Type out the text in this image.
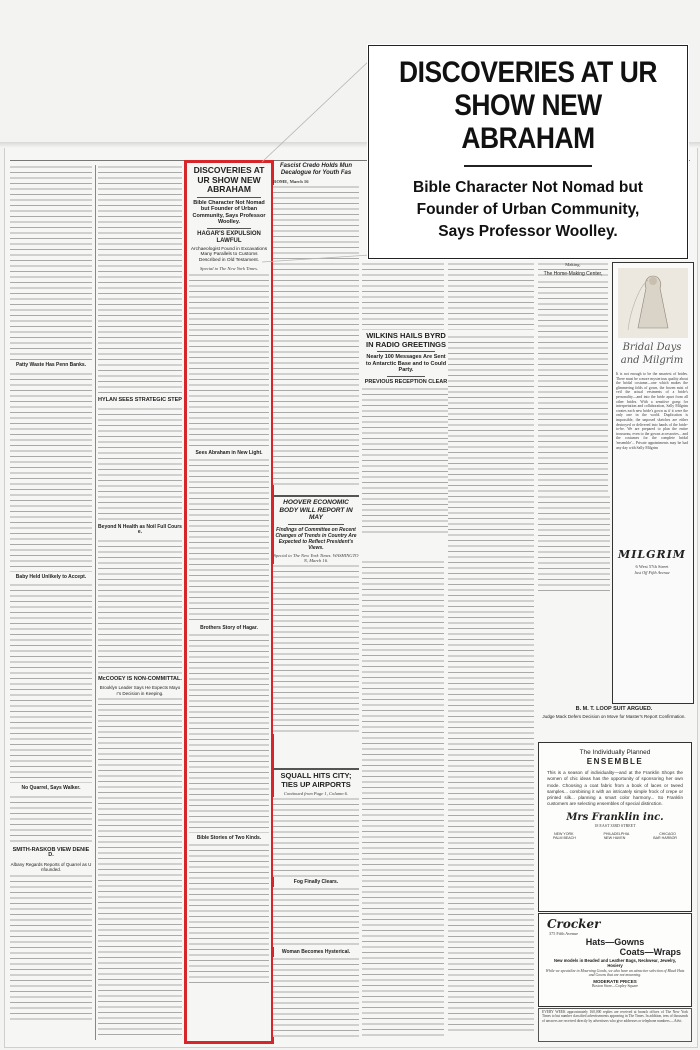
Patty Waste Has Penn Banks.
Baby Held Unlikely to Accept.
No Quarrel, Says Walker.
SMITH-RASKOB VIEW DENIED.
Albany Regards Reports of Quarrel as Unfounded.
HYLAN SEES STRATEGIC STEP
Beyond N Health as Noil Full Course.
McCOOEY IS NON-COMMITTAL.
Brooklyn Leader Says He Expects Mayor's Decision in Keeping.
DISCOVERIES AT UR SHOW NEW ABRAHAM
Bible Character Not Nomad but Founder of Urban Community, Says Professor Woolley.
HAGAR'S EXPULSION LAWFUL
Archaeologist Found in Excavations Many Parallels to Customs Described in Old Testament.
Special to The New York Times.
Sees Abraham in New Light.
Brothers Story of Hagar.
Bible Stories of Two Kinds.
Fascist Credo Holds Mun Decalogue for Youth Fas
ROME, March 16
WILKINS HAILS BYRD IN RADIO GREETINGS
Nearly 100 Messages Are Sent to Antarctic Base and to Could Party.
PREVIOUS RECEPTION CLEAR
HOOVER ECONOMIC BODY WILL REPORT IN MAY
Findings of Committee on Recent Changes of Trends in Country Are Expected to Reflect President's Views.
Special to The New York Times. WASHINGTON, March 16.
SQUALL HITS CITY; TIES UP AIRPORTS
Continued from Page 1, Column 6.
Fog Finally Clears.
Woman Becomes Hysterical.
Making.
The Home-Making Center,
Bridal Days
and Milgrim
It is not enough to be the smartest of brides. There must be a more mysterious quality about the bridal costume—one which makes the glimmering folds of gown, the frozen mist of veil the actual vestments of a bride's personality—and into the bride apart from all other brides. With a sensitive grasp for interpretation and collaboration, Sally Milgrim creates each new bride's gown as if it were the only one in the world. Duplication is impossible, the unposed sketches are either destroyed or delivered into hands of the bride-to-be. We are prepared to plan the entire trousseau, even to the gowns accessories... and the costumes for the complete bridal 'ensemble'... Private appointments may be had any day with Sally Milgrim
MILGRIM
6 West 57th Street
Just Off Fifth Avenue
B. M. T. LOOP SUIT ARGUED.
Judge Mack Defers Decision on Move for Master's Report Confirmation.
The Individually Planned
ENSEMBLE
This is a season of individuality—and at the Franklin Shops the women of chic ideas has the opportunity of sponsoring her own mode. Choosing a coat fabric from a book of laces or tweed samples... combining it with an intricately simple frock of crepe or printed silk... planning a smart color harmony... So Franklin customers are selecting ensembles of special distinction.
Mrs Franklin inc.
18 EAST 33RD STREET
NEW YORK	PHILADELPHIA	CHICAGO
PALM BEACH	NEW HAVEN	BAR HARBOR
Crocker
375 Fifth Avenue
Hats—Gowns
Coats—Wraps
New models in Beaded and Leather Bags, Neckwear, Jewelry, Hosiery
While we specialize in Mourning Goods, we also have an attractive selection of Black Hats and Gowns that are not mourning.
MODERATE PRICES
Boston Store—Copley Square
EVERY WEEK approximately 160,000 replies are received at branch offices of The New York Times to but number classified advertisements appearing in The Times. In addition, tens of thousands of answers are received directly by advertisers who give addresses or telephone numbers.—Advt.
DISCOVERIES AT UR
SHOW NEW ABRAHAM
Bible Character Not Nomad but
Founder of Urban Community,
Says Professor Woolley.
